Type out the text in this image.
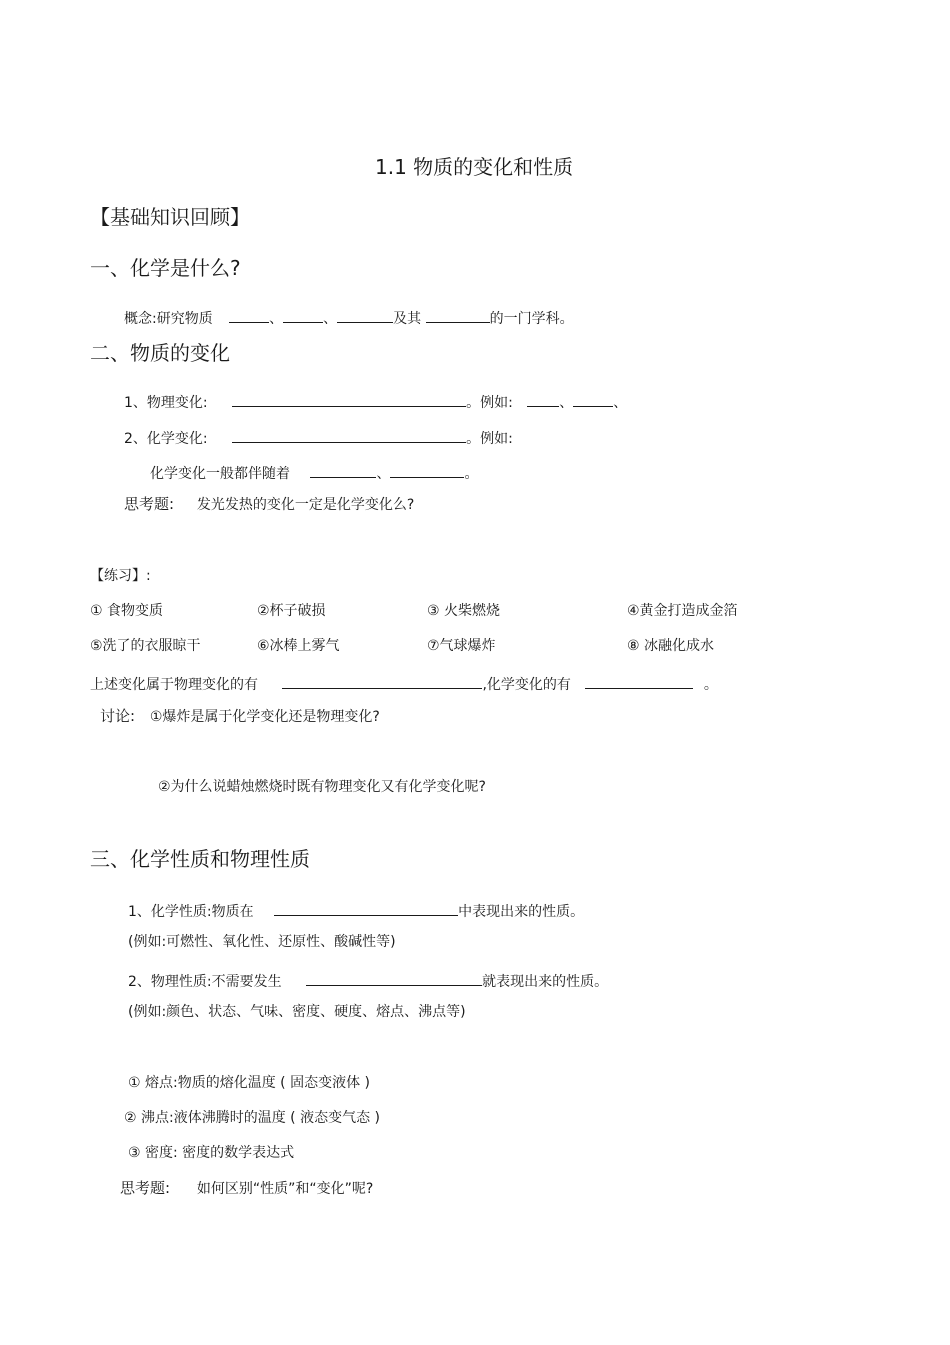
1.1 物质的变化和性质
【基础知识回顾】
一、化学是什么?
概念:研究物质	、	、	及其	的一门学科。
二、物质的变化
1、物理变化:	。例如:	、	、
2、化学变化:	。例如:
化学变化一般都伴随着	、	。
思考题: 发光发热的变化一定是化学变化么?
【练习】:
① 食物变质	②杯子破损	③ 火柴燃烧	④黄金打造成金箔
⑤洗了的衣服晾干	⑥冰棒上雾气	⑦气球爆炸	⑧ 冰融化成水
上述变化属于物理变化的有	,化学变化的有	。
讨论: ①爆炸是属于化学变化还是物理变化?
②为什么说蜡烛燃烧时既有物理变化又有化学变化呢?
三、化学性质和物理性质
1、化学性质:物质在	中表现出来的性质。
(例如:可燃性、氧化性、还原性、酸碱性等)
2、物理性质:不需要发生	就表现出来的性质。
(例如:颜色、状态、气味、密度、硬度、熔点、沸点等)
① 熔点:物质的熔化温度 ( 固态变液体 )
② 沸点:液体沸腾时的温度 ( 液态变气态 )
③ 密度: 密度的数学表达式
思考题: 如何区别“性质”和“变化”呢?
